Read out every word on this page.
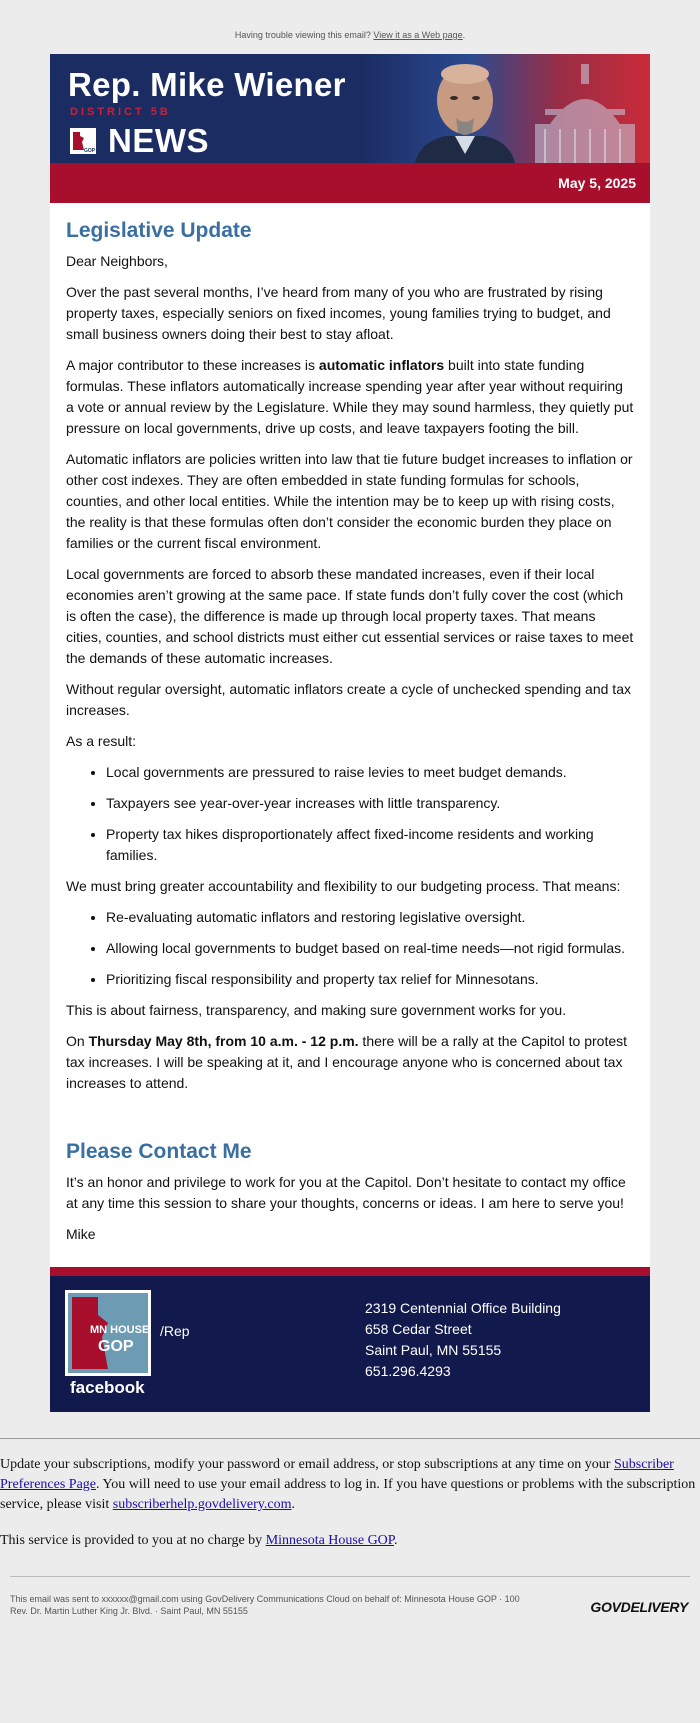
Having trouble viewing this email? View it as a Web page.
Rep. Mike Wiener
DISTRICT 5B
GOP NEWS
May 5, 2025
Legislative Update

Dear Neighbors,

Over the past several months, I’ve heard from many of you who are frustrated by rising property taxes, especially seniors on fixed incomes, young families trying to budget, and small business owners doing their best to stay afloat.

A major contributor to these increases is automatic inflators built into state funding formulas. These inflators automatically increase spending year after year without requiring a vote or annual review by the Legislature. While they may sound harmless, they quietly put pressure on local governments, drive up costs, and leave taxpayers footing the bill.

Automatic inflators are policies written into law that tie future budget increases to inflation or other cost indexes. They are often embedded in state funding formulas for schools, counties, and other local entities. While the intention may be to keep up with rising costs, the reality is that these formulas often don’t consider the economic burden they place on families or the current fiscal environment.

Local governments are forced to absorb these mandated increases, even if their local economies aren’t growing at the same pace. If state funds don’t fully cover the cost (which is often the case), the difference is made up through local property taxes. That means cities, counties, and school districts must either cut essential services or raise taxes to meet the demands of these automatic increases.

Without regular oversight, automatic inflators create a cycle of unchecked spending and tax increases.

As a result:

• Local governments are pressured to raise levies to meet budget demands.
• Taxpayers see year-over-year increases with little transparency.
• Property tax hikes disproportionately affect fixed-income residents and working families.

We must bring greater accountability and flexibility to our budgeting process. That means:

• Re-evaluating automatic inflators and restoring legislative oversight.
• Allowing local governments to budget based on real-time needs—not rigid formulas.
• Prioritizing fiscal responsibility and property tax relief for Minnesotans.

This is about fairness, transparency, and making sure government works for you.

On Thursday May 8th, from 10 a.m. - 12 p.m. there will be a rally at the Capitol to protest tax increases. I will be speaking at it, and I encourage anyone who is concerned about tax increases to attend.

Please Contact Me

It’s an honor and privilege to work for you at the Capitol. Don’t hesitate to contact my office at any time this session to share your thoughts, concerns or ideas. I am here to serve you!

Mike

MN HOUSE
GOP
facebook
/Rep
2319 Centennial Office Building
658 Cedar Street
Saint Paul, MN 55155
651.296.4293

Update your subscriptions, modify your password or email address, or stop subscriptions at any time on your Subscriber Preferences Page. You will need to use your email address to log in. If you have questions or problems with the subscription service, please visit subscriberhelp.govdelivery.com.

This service is provided to you at no charge by Minnesota House GOP.

This email was sent to xxxxxx@gmail.com using GovDelivery Communications Cloud on behalf of: Minnesota House GOP · 100
Rev. Dr. Martin Luther King Jr. Blvd. · Saint Paul, MN 55155	GOVDELIVERY
